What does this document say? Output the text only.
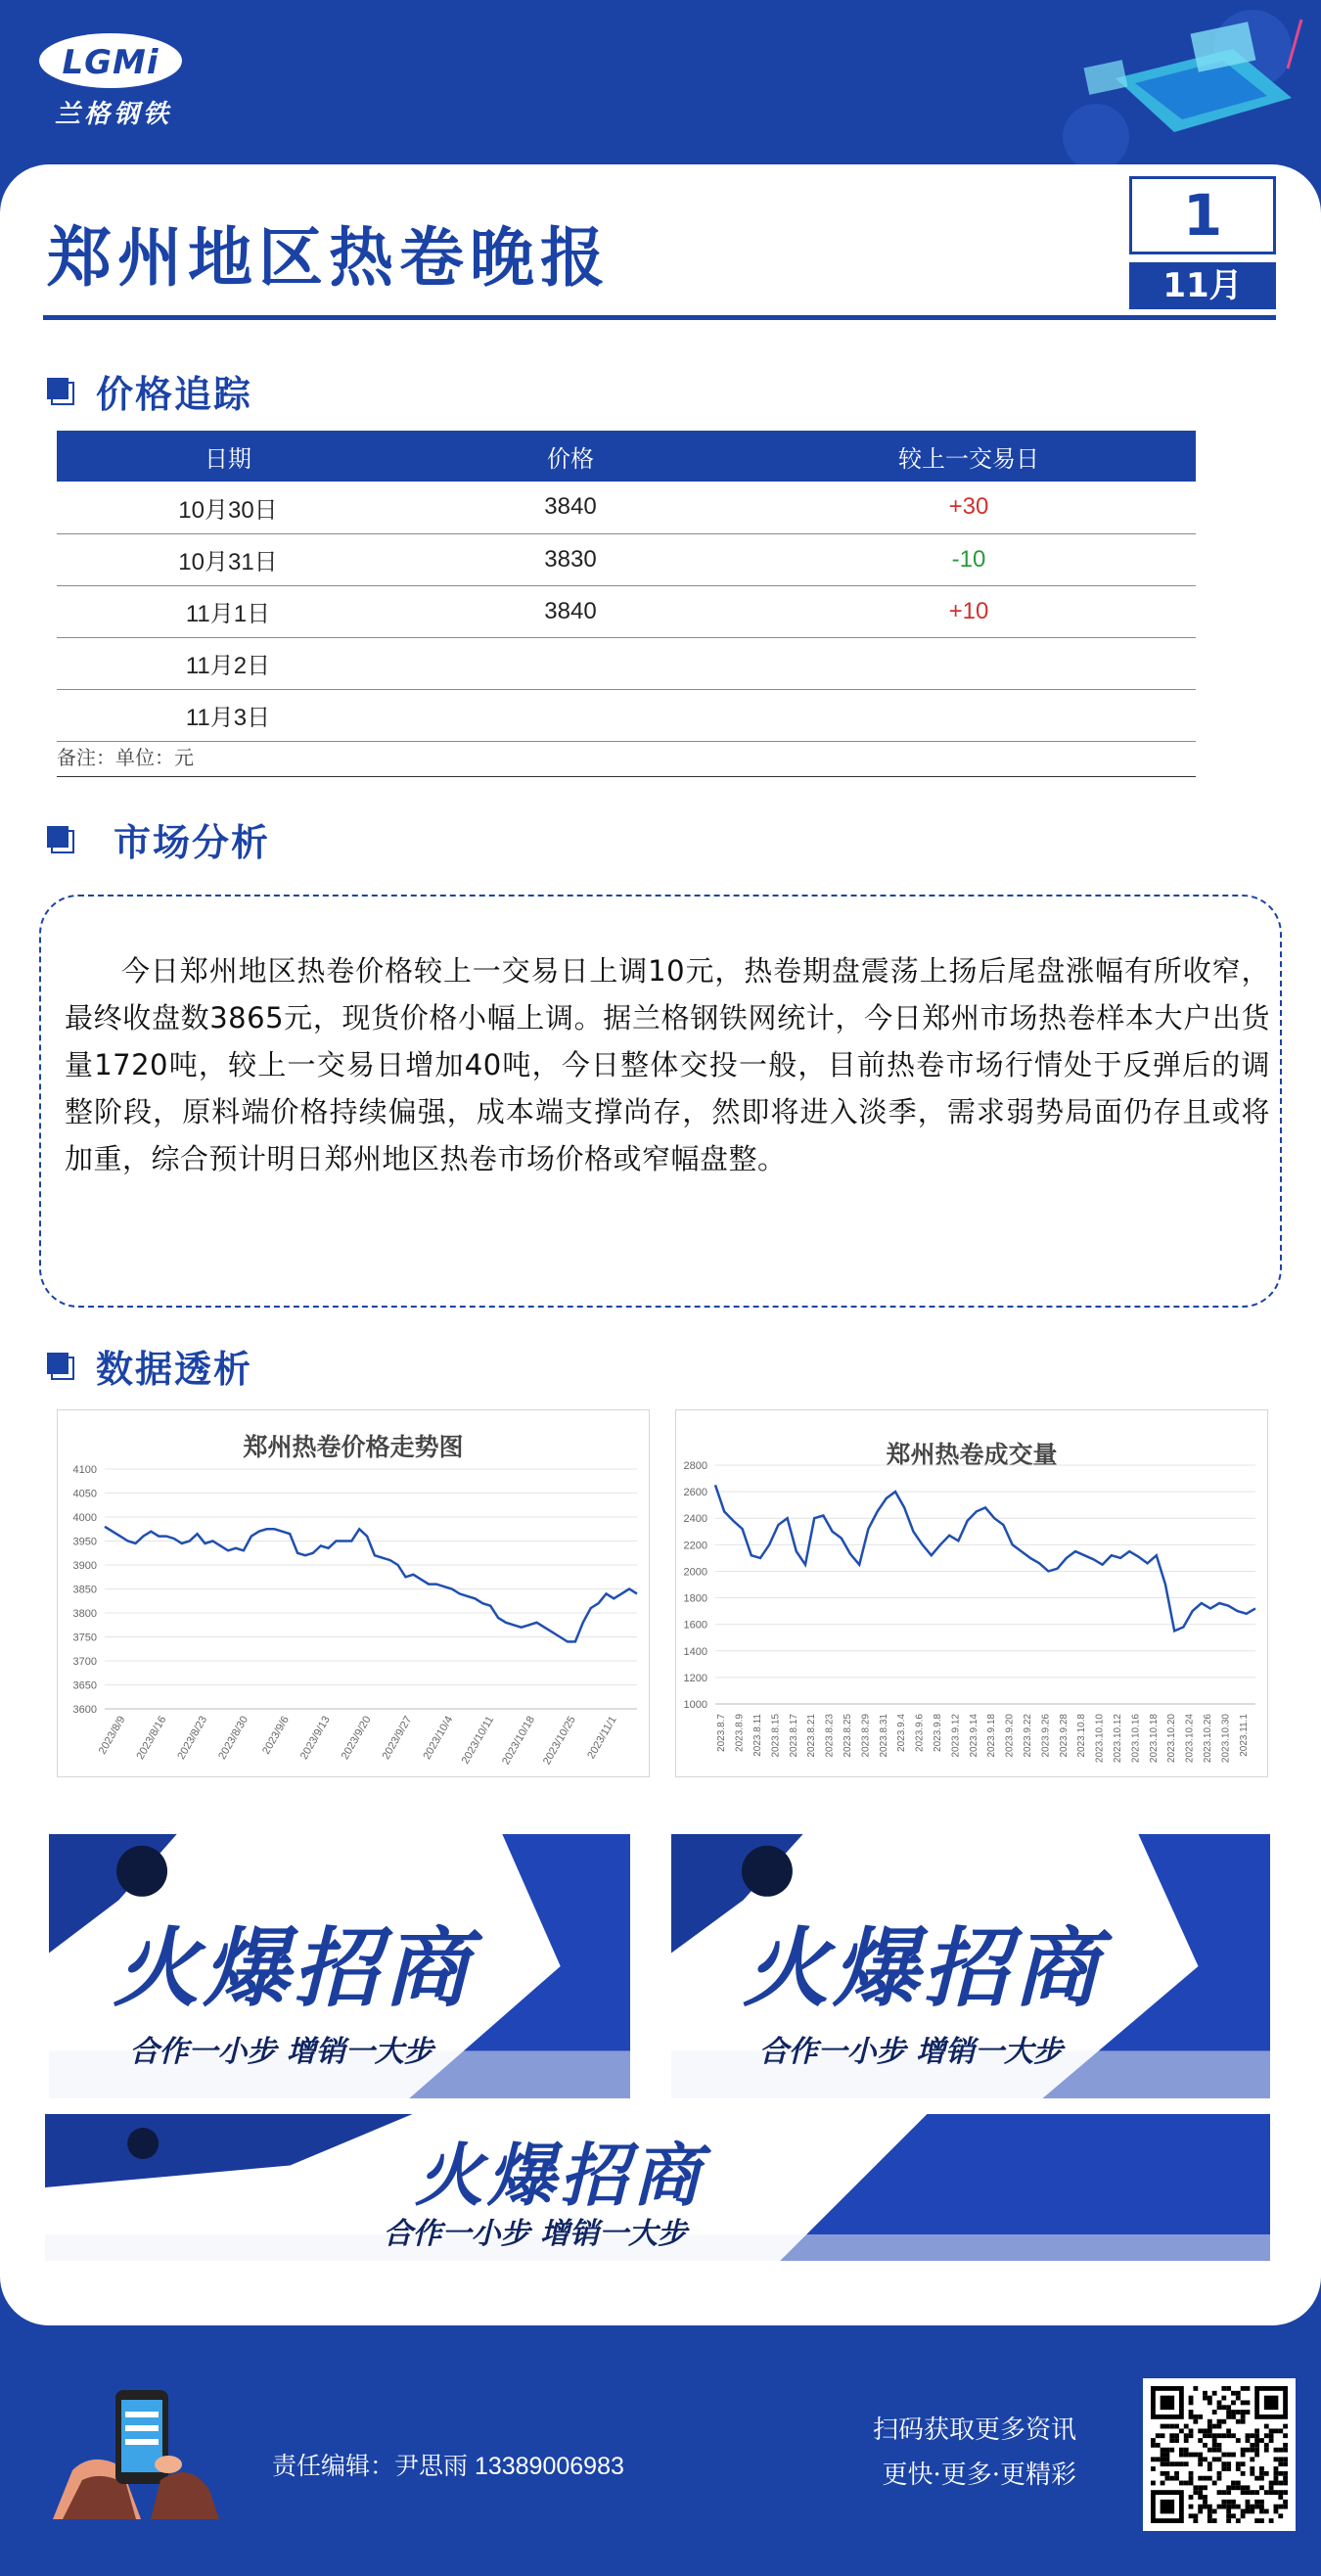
LGMi
兰格钢铁
郑州地区热卷晚报
1
11月
价格追踪
日期	价格	较上一交易日
10月30日	3840	+30
10月31日	3830	-10
11月1日	3840	+10
11月2日		
11月3日		
备注：单位：元
市场分析

今日郑州地区热卷价格较上一交易日上调10元，热卷期盘震荡上扬后尾盘涨幅有所收窄，最终收盘数3865元，现货价格小幅上调。据兰格钢铁网统计，今日郑州市场热卷样本大户出货量1720吨，较上一交易日增加40吨，今日整体交投一般，目前热卷市场行情处于反弹后的调整阶段，原料端价格持续偏强，成本端支撑尚存，然即将进入淡季，需求弱势局面仍存且或将加重，综合预计明日郑州地区热卷市场价格或窄幅盘整。

数据透析
郑州热卷价格走势图
3600
3650
3700
3750
3800
3850
3900
3950
4000
4050
4100
2023/8/9 2023/8/16 2023/8/23 2023/8/30 2023/9/6 2023/9/13 2023/9/20 2023/9/27 2023/10/4 2023/10/11 2023/10/18 2023/10/25 2023/11/1
郑州热卷成交量
1000
1200
1400
1600
1800
2000
2200
2400
2600
2800
2023.8.7 2023.8.9 2023.8.11 2023.8.15 2023.8.17 2023.8.21 2023.8.23 2023.8.25 2023.8.29 2023.8.31 2023.9.4 2023.9.6 2023.9.8 2023.9.12 2023.9.14 2023.9.18 2023.9.20 2023.9.22 2023.9.26 2023.9.28 2023.10.8 2023.10.10 2023.10.12 2023.10.16 2023.10.18 2023.10.20 2023.10.24 2023.10.26 2023.10.30 2023.11.1
火爆招商
合作一小步 增销一大步
火爆招商
合作一小步 增销一大步
火爆招商
合作一小步 增销一大步
责任编辑：尹思雨 13389006983
扫码获取更多资讯
更快·更多·更精彩
